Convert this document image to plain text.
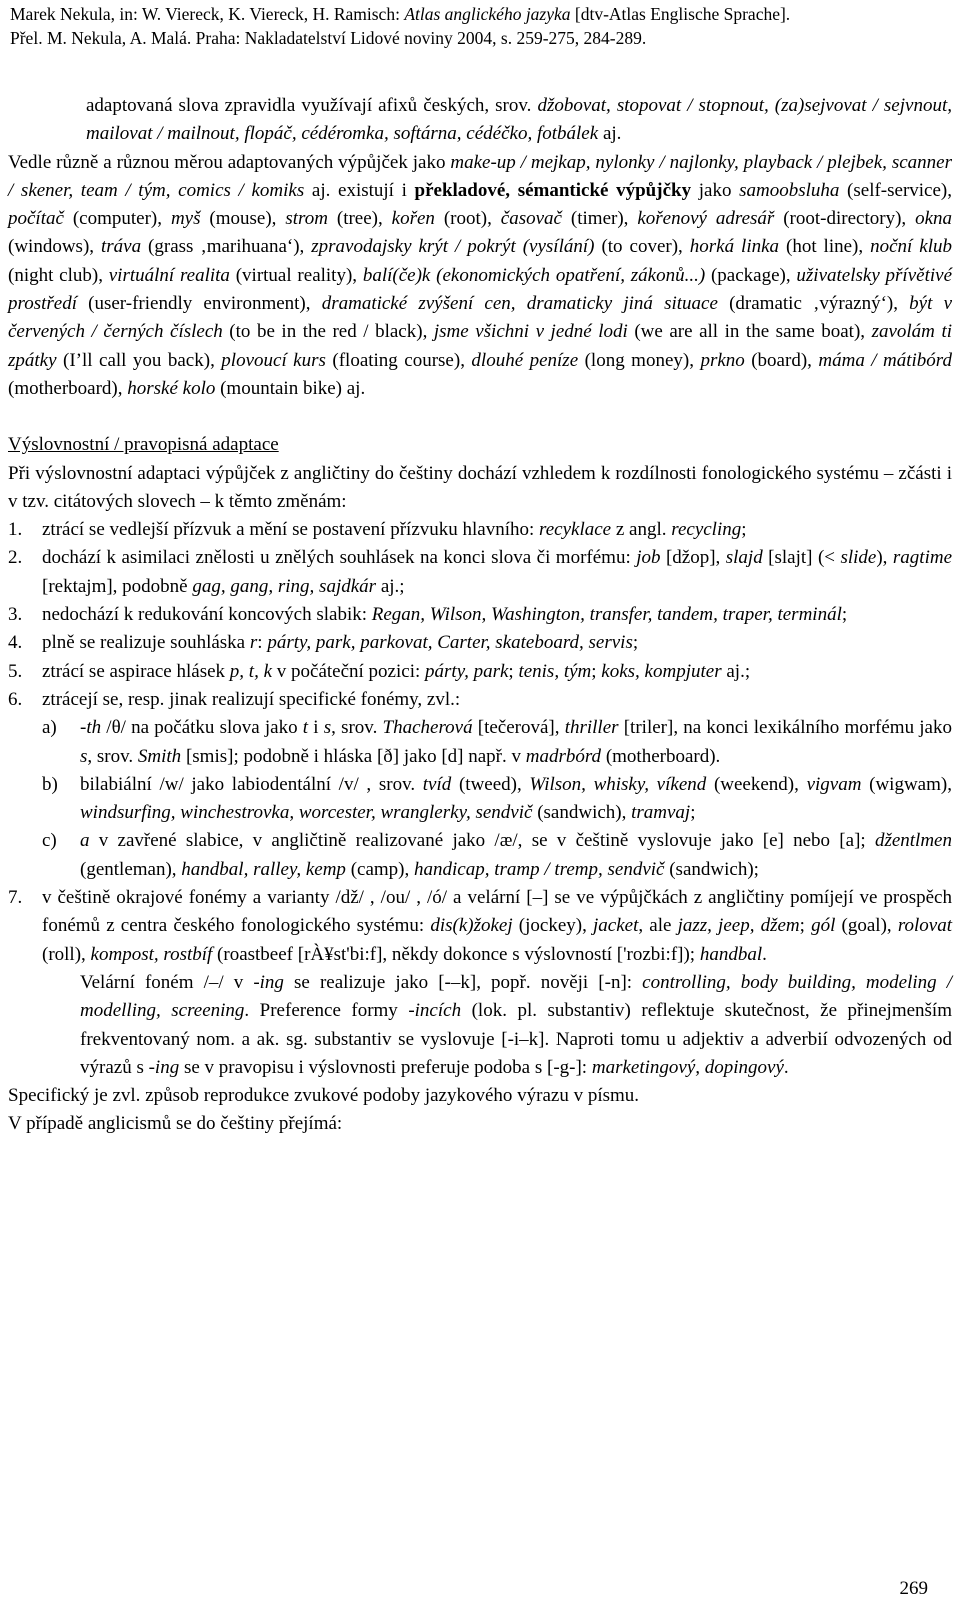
Marek Nekula, in: W. Viereck, K. Viereck, H. Ramisch: Atlas anglického jazyka [dtv-Atlas Englische Sprache].
Přel. M. Nekula, A. Malá. Praha: Nakladatelství Lidové noviny 2004, s. 259-275, 284-289.

adaptovaná slova zpravidla využívají afixů českých, srov. džobovat, stopovat / stopnout, (za)sejvovat / sejvnout, mailovat / mailnout, flopáč, cédéromka, softárna, cédéčko, fotbálek aj.

Vedle různě a různou měrou adaptovaných výpůjček jako make-up / mejkap, nylonky / najlonky, playback / plejbek, scanner / skener, team / tým, comics / komiks aj. existují i překladové, sémantické výpůjčky jako samoobsluha (self-service), počítač (computer), myš (mouse), strom (tree), kořen (root), časovač (timer), kořenový adresář (root-directory), okna (windows), tráva (grass ‚marihuana‘), zpravodajsky krýt / pokrýt (vysílání) (to cover), horká linka (hot line), noční klub (night club), virtuální realita (virtual reality), balí(če)k (ekonomických opatření, zákonů...) (package), uživatelsky přívětivé prostředí (user-friendly environment), dramatické zvýšení cen, dramaticky jiná situace (dramatic ‚výrazný‘), být v červených / černých číslech (to be in the red / black), jsme všichni v jedné lodi (we are all in the same boat), zavolám ti zpátky (I’ll call you back), plovoucí kurs (floating course), dlouhé peníze (long money), prkno (board), máma / mátibórd (motherboard), horské kolo (mountain bike) aj.

Výslovnostní / pravopisná adaptace

Při výslovnostní adaptaci výpůjček z angličtiny do češtiny dochází vzhledem k rozdílnosti fonologického systému – zčásti i v tzv. citátových slovech – k těmto změnám:

1.	ztrácí se vedlejší přízvuk a mění se postavení přízvuku hlavního: recyklace z angl. recycling;
2.	dochází k asimilaci znělosti u znělých souhlásek na konci slova či morfému: job [džop], slajd [slajt] (< slide), ragtime [rektajm], podobně gag, gang, ring, sajdkár aj.;
3.	nedochází k redukování koncových slabik: Regan, Wilson, Washington, transfer, tandem, traper, terminál;
4.	plně se realizuje souhláska r: párty, park, parkovat, Carter, skateboard, servis;
5.	ztrácí se aspirace hlásek p, t, k v počáteční pozici: párty, park; tenis, tým; koks, kompjuter aj.;
6.	ztrácejí se, resp. jinak realizují specifické fonémy, zvl.:
a)	-th /θ/ na počátku slova jako t i s, srov. Thacherová [tečerová], thriller [triler], na konci lexikálního morfému jako s, srov. Smith [smis]; podobně i hláska [ð] jako [d] např. v madrbórd (motherboard).
b)	bilabiální /w/ jako labiodentální /v/ , srov. tvíd (tweed), Wilson, whisky, víkend (weekend), vigvam (wigwam), windsurfing, winchestrovka, worcester, wranglerky, sendvič (sandwich), tramvaj;
c)	a v zavřené slabice, v angličtině realizované jako /æ/, se v češtině vyslovuje jako [e] nebo [a]; džentlmen (gentleman), handbal, ralley, kemp (camp), handicap, tramp / tremp, sendvič (sandwich);
7.	v češtině okrajové fonémy a varianty /dž/ , /ou/ , /ó/ a velární [–] se ve výpůjčkách z angličtiny pomíjejí ve prospěch fonémů z centra českého fonologického systému: dis(k)žokej (jockey), jacket, ale jazz, jeep, džem; gól (goal), rolovat (roll), kompost, rostbíf (roastbeef [rÀ¥st'bi:f], někdy dokonce s výslovností ['rozbi:f]); handbal.

Velární foném /–/ v -ing se realizuje jako [-–k], popř. nověji [-n]: controlling, body building, modeling / modelling, screening. Preference formy -incích (lok. pl. substantiv) reflektuje skutečnost, že přinejmenším frekventovaný nom. a ak. sg. substantiv se vyslovuje [-i–k]. Naproti tomu u adjektiv a adverbií odvozených od výrazů s -ing se v pravopisu i výslovnosti preferuje podoba s [-g-]: marketingový, dopingový.

Specifický je zvl. způsob reprodukce zvukové podoby jazykového výrazu v písmu.

V případě anglicismů se do češtiny přejímá:

269
